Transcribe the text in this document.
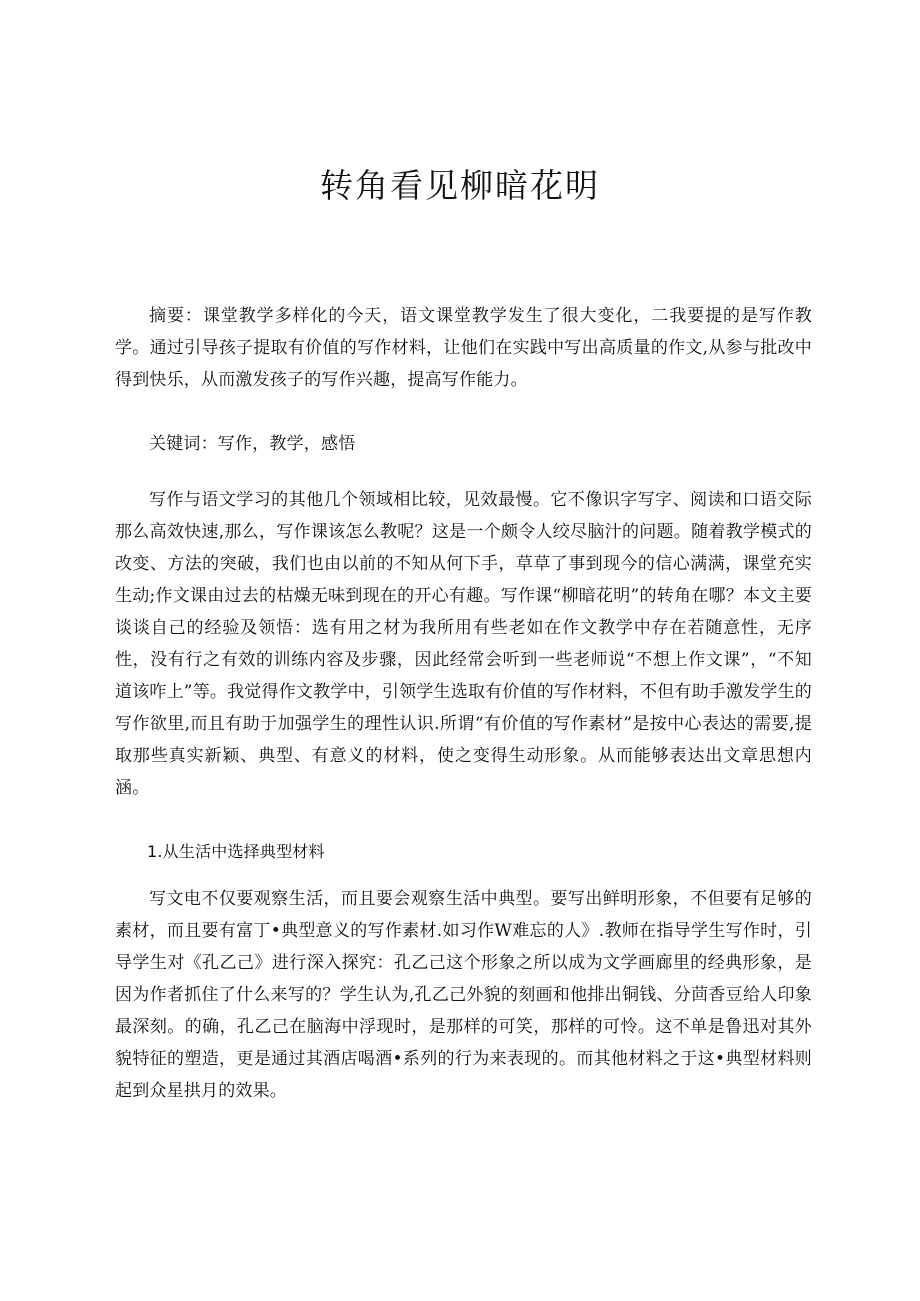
转角看见柳暗花明

摘要：课堂教学多样化的今天，语文课堂教学发生了很大变化，二我要提的是写作教学。通过引导孩子提取有价值的写作材料，让他们在实践中写出高质量的作文,从参与批改中得到快乐，从而激发孩子的写作兴趣，提高写作能力。

关键词：写作，教学，感悟

写作与语文学习的其他几个领域相比较，见效最慢。它不像识字写字、阅读和口语交际那么高效快速,那么，写作课该怎么教呢？这是一个颇令人绞尽脑汁的问题。随着教学模式的改变、方法的突破，我们也由以前的不知从何下手，草草了事到现今的信心满满，课堂充实生动;作文课由过去的枯燥无味到现在的开心有趣。写作课“柳暗花明”的转角在哪？本文主要谈谈自己的经验及领悟：选有用之材为我所用有些老如在作文教学中存在若随意性，无序性，没有行之有效的训练内容及步骤，因此经常会听到一些老师说“不想上作文课”，“不知道该咋上”等。我觉得作文教学中，引领学生选取有价值的写作材料，不但有助手激发学生的写作欲里,而且有助于加强学生的理性认识.所谓“有价值的写作素材”是按中心表达的需要,提取那些真实新颖、典型、有意义的材料，使之变得生动形象。从而能够表达出文章思想内涵。

1.从生活中选择典型材料

写文电不仅要观察生活，而且要会观察生活中典型。要写出鲜明形象，不但要有足够的素材，而且要有富丁•典型意义的写作素材.如习作W难忘的人》.教师在指导学生写作时，引导学生对《孔乙己》进行深入探究：孔乙己这个形象之所以成为文学画廊里的经典形象，是因为作者抓住了什么来写的？学生认为,孔乙己外貌的刻画和他排出铜钱、分茴香豆给人印象最深刻。的确，孔乙己在脑海中浮现时，是那样的可笑，那样的可怜。这不单是鲁迅对其外貌特征的塑造，更是通过其酒店喝酒•系列的行为来表现的。而其他材料之于这•典型材料则起到众星拱月的效果。
